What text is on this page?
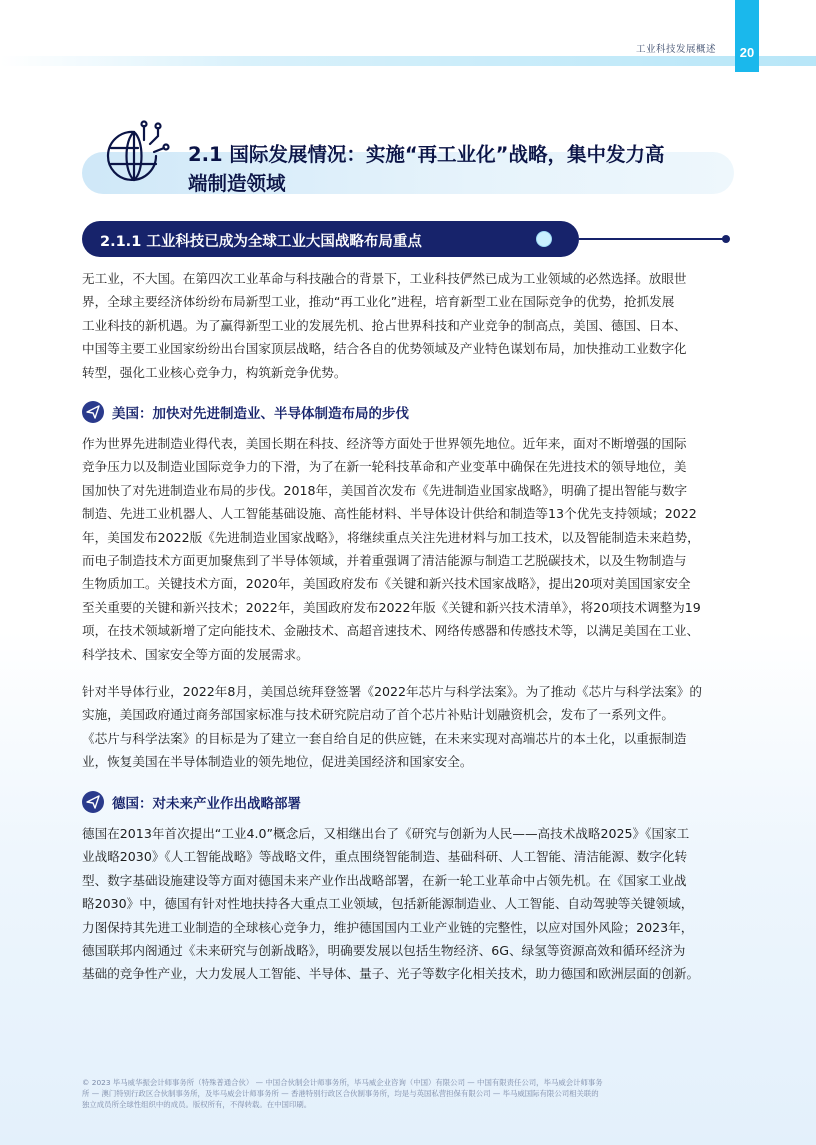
工业科技发展概述 20
2.1 国际发展情况：实施“再工业化”战略，集中发力高
端制造领域
2.1.1 工业科技已成为全球工业大国战略布局重点
无工业，不大国。在第四次工业革命与科技融合的背景下，工业科技俨然已成为工业领域的必然选择。放眼世
界，全球主要经济体纷纷布局新型工业，推动“再工业化”进程，培育新型工业在国际竞争的优势，抢抓发展
工业科技的新机遇。为了赢得新型工业的发展先机、抢占世界科技和产业竞争的制高点，美国、德国、日本、
中国等主要工业国家纷纷出台国家顶层战略，结合各自的优势领域及产业特色谋划布局，加快推动工业数字化
转型，强化工业核心竞争力，构筑新竞争优势。
美国：加快对先进制造业、半导体制造布局的步伐
作为世界先进制造业得代表，美国长期在科技、经济等方面处于世界领先地位。近年来，面对不断增强的国际
竞争压力以及制造业国际竞争力的下滑，为了在新一轮科技革命和产业变革中确保在先进技术的领导地位，美
国加快了对先进制造业布局的步伐。2018年，美国首次发布《先进制造业国家战略》，明确了提出智能与数字
制造、先进工业机器人、人工智能基础设施、高性能材料、半导体设计供给和制造等13个优先支持领域；2022
年，美国发布2022版《先进制造业国家战略》，将继续重点关注先进材料与加工技术，以及智能制造未来趋势，
而电子制造技术方面更加聚焦到了半导体领域，并着重强调了清洁能源与制造工艺脱碳技术，以及生物制造与
生物质加工。关键技术方面，2020年，美国政府发布《关键和新兴技术国家战略》，提出20项对美国国家安全
至关重要的关键和新兴技术；2022年，美国政府发布2022年版《关键和新兴技术清单》，将20项技术调整为19
项，在技术领域新增了定向能技术、金融技术、高超音速技术、网络传感器和传感技术等，以满足美国在工业、
科学技术、国家安全等方面的发展需求。
针对半导体行业，2022年8月，美国总统拜登签署《2022年芯片与科学法案》。为了推动《芯片与科学法案》的
实施，美国政府通过商务部国家标准与技术研究院启动了首个芯片补贴计划融资机会，发布了一系列文件。
《芯片与科学法案》的目标是为了建立一套自给自足的供应链，在未来实现对高端芯片的本土化，以重振制造
业，恢复美国在半导体制造业的领先地位，促进美国经济和国家安全。
德国：对未来产业作出战略部署
德国在2013年首次提出“工业4.0”概念后，又相继出台了《研究与创新为人民——高技术战略2025》《国家工
业战略2030》《人工智能战略》等战略文件，重点围绕智能制造、基础科研、人工智能、清洁能源、数字化转
型、数字基础设施建设等方面对德国未来产业作出战略部署，在新一轮工业革命中占领先机。在《国家工业战
略2030》中，德国有针对性地扶持各大重点工业领域，包括新能源制造业、人工智能、自动驾驶等关键领域，
力图保持其先进工业制造的全球核心竞争力，维护德国国内工业产业链的完整性，以应对国外风险；2023年，
德国联邦内阁通过《未来研究与创新战略》，明确要发展以包括生物经济、6G、绿氢等资源高效和循环经济为
基础的竞争性产业，大力发展人工智能、半导体、量子、光子等数字化相关技术，助力德国和欧洲层面的创新。
© 2023 毕马威华振会计师事务所（特殊普通合伙） — 中国合伙制会计师事务所，毕马威企业咨询（中国）有限公司 — 中国有限责任公司，毕马威会计师事务
所 — 澳门特别行政区合伙制事务所，及毕马威会计师事务所 — 香港特别行政区合伙制事务所，均是与英国私营担保有限公司 — 毕马威国际有限公司相关联的
独立成员所全球性组织中的成员。版权所有，不得转载。在中国印刷。
